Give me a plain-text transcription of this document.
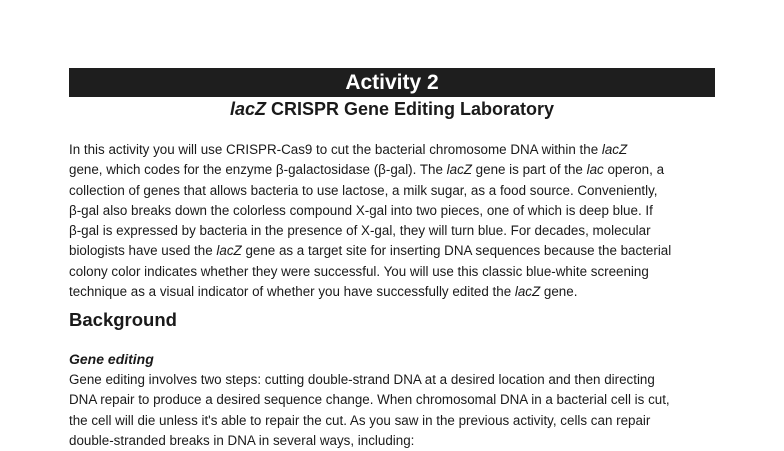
Activity 2
lacZ CRISPR Gene Editing Laboratory
In this activity you will use CRISPR-Cas9 to cut the bacterial chromosome DNA within the lacZ
gene, which codes for the enzyme β-galactosidase (β-gal). The lacZ gene is part of the lac operon, a
collection of genes that allows bacteria to use lactose, a milk sugar, as a food source. Conveniently,
β-gal also breaks down the colorless compound X-gal into two pieces, one of which is deep blue. If
β-gal is expressed by bacteria in the presence of X-gal, they will turn blue. For decades, molecular
biologists have used the lacZ gene as a target site for inserting DNA sequences because the bacterial
colony color indicates whether they were successful. You will use this classic blue-white screening
technique as a visual indicator of whether you have successfully edited the lacZ gene.
Background
Gene editing
Gene editing involves two steps: cutting double-strand DNA at a desired location and then directing
DNA repair to produce a desired sequence change. When chromosomal DNA in a bacterial cell is cut,
the cell will die unless it's able to repair the cut. As you saw in the previous activity, cells can repair
double-stranded breaks in DNA in several ways, including:
